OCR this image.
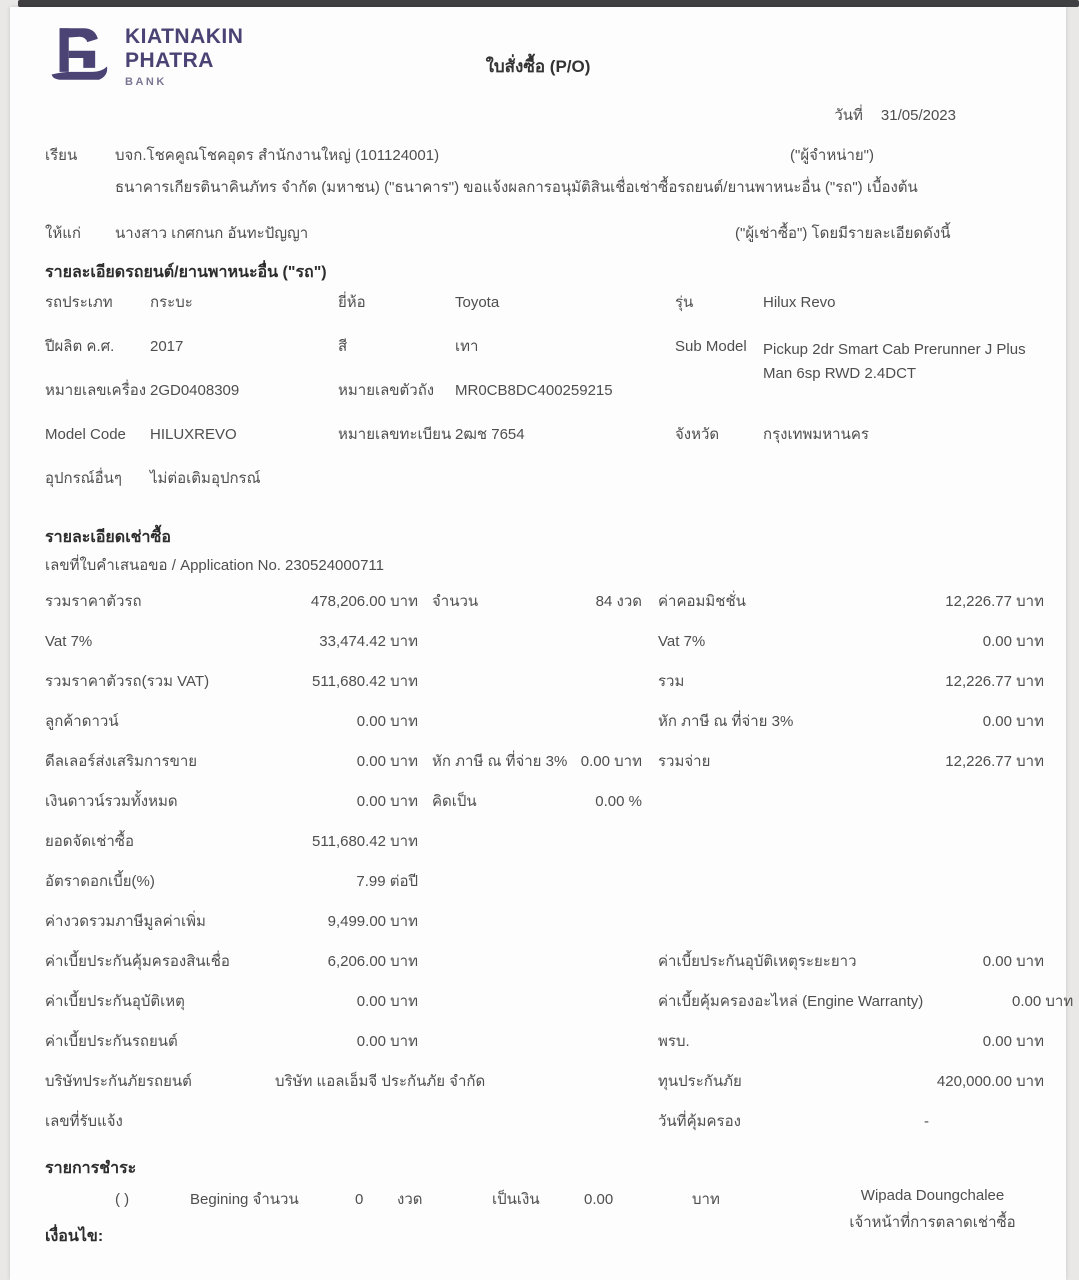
KIATNAKIN
PHATRA
BANK
ใบสั่งซื้อ (P/O)
วันที่ 31/05/2023
เรียน	บจก.โชคคูณโชคอุดร สำนักงานใหญ่ (101124001)	("ผู้จำหน่าย")
ธนาคารเกียรตินาคินภัทร จำกัด (มหาชน) ("ธนาคาร") ขอแจ้งผลการอนุมัติสินเชื่อเช่าซื้อรถยนต์/ยานพาหนะอื่น ("รถ") เบื้องต้น
ให้แก่	นางสาว เกศกนก อันทะปัญญา	("ผู้เช่าซื้อ") โดยมีรายละเอียดดังนี้
รายละเอียดรถยนต์/ยานพาหนะอื่น ("รถ")
รถประเภท	กระบะ	ยี่ห้อ	Toyota	รุ่น	Hilux Revo
ปีผลิต ค.ศ.	2017	สี	เทา	Sub Model	Pickup 2dr Smart Cab Prerunner J Plus Man 6sp RWD 2.4DCT
หมายเลขเครื่อง 2GD0408309	หมายเลขตัวถัง	MR0CB8DC400259215
Model Code	HILUXREVO	หมายเลขทะเบียน 2ฒช 7654	จังหวัด	กรุงเทพมหานคร
อุปกรณ์อื่นๆ	ไม่ต่อเติมอุปกรณ์
รายละเอียดเช่าซื้อ
เลขที่ใบคำเสนอขอ / Application No. 230524000711
รวมราคาตัวรถ	478,206.00 บาท จำนวน	84 งวด ค่าคอมมิชชั่น	12,226.77 บาท
Vat 7%	33,474.42 บาท	Vat 7%	0.00 บาท
รวมราคาตัวรถ(รวม VAT)	511,680.42 บาท	รวม	12,226.77 บาท
ลูกค้าดาวน์	0.00 บาท	หัก ภาษี ณ ที่จ่าย 3%	0.00 บาท
ดีลเลอร์ส่งเสริมการขาย	0.00 บาท หัก ภาษี ณ ที่จ่าย 3% 0.00 บาท รวมจ่าย	12,226.77 บาท
เงินดาวน์รวมทั้งหมด	0.00 บาท คิดเป็น	0.00 %
ยอดจัดเช่าซื้อ	511,680.42 บาท
อัตราดอกเบี้ย(%)	7.99 ต่อปี
ค่างวดรวมภาษีมูลค่าเพิ่ม	9,499.00 บาท
ค่าเบี้ยประกันคุ้มครองสินเชื่อ	6,206.00 บาท	ค่าเบี้ยประกันอุบัติเหตุระยะยาว	0.00 บาท
ค่าเบี้ยประกันอุบัติเหตุ	0.00 บาท	ค่าเบี้ยคุ้มครองอะไหล่ (Engine Warranty)	0.00 บาท
ค่าเบี้ยประกันรถยนต์	0.00 บาท	พรบ.	0.00 บาท
บริษัทประกันภัยรถยนต์	บริษัท แอลเอ็มจี ประกันภัย จำกัด	ทุนประกันภัย	420,000.00 บาท
เลขที่รับแจ้ง	วันที่คุ้มครอง	-
รายการชำระ
( )	Begining จำนวน	0	งวด	เป็นเงิน	0.00	บาท
เงื่อนไข:
Wipada Doungchalee
เจ้าหน้าที่การตลาดเช่าซื้อ
